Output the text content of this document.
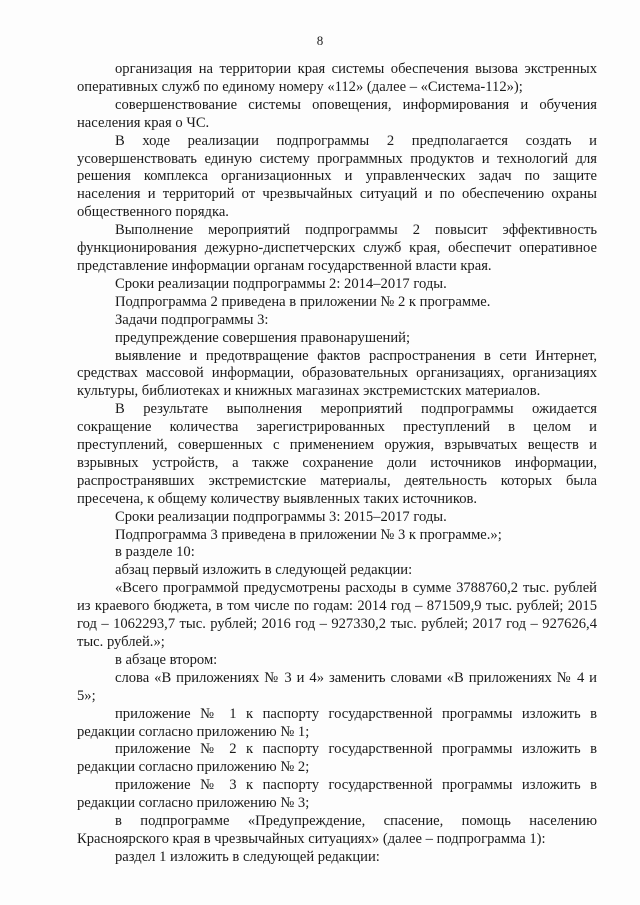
8

организация на территории края системы обеспечения вызова экстренных оперативных служб по единому номеру «112» (далее – «Система-112»);

совершенствование системы оповещения, информирования и обучения населения края о ЧС.

В ходе реализации подпрограммы 2 предполагается создать и усовершенствовать единую систему программных продуктов и технологий для решения комплекса организационных и управленческих задач по защите населения и территорий от чрезвычайных ситуаций и по обеспечению охраны общественного порядка.

Выполнение мероприятий подпрограммы 2 повысит эффективность функционирования дежурно-диспетчерских служб края, обеспечит оперативное представление информации органам государственной власти края.

Сроки реализации подпрограммы 2: 2014–2017 годы.

Подпрограмма 2 приведена в приложении № 2 к программе.

Задачи подпрограммы 3:

предупреждение совершения правонарушений;

выявление и предотвращение фактов распространения в сети Интернет, средствах массовой информации, образовательных организациях, организациях культуры, библиотеках и книжных магазинах экстремистских материалов.

В результате выполнения мероприятий подпрограммы ожидается сокращение количества зарегистрированных преступлений в целом и преступлений, совершенных с применением оружия, взрывчатых веществ и взрывных устройств, а также сохранение доли источников информации, распространявших экстремистские материалы, деятельность которых была пресечена, к общему количеству выявленных таких источников.

Сроки реализации подпрограммы 3: 2015–2017 годы.

Подпрограмма 3 приведена в приложении № 3 к программе.»;

в разделе 10:

абзац первый изложить в следующей редакции:

«Всего программой предусмотрены расходы в сумме 3788760,2 тыс. рублей из краевого бюджета, в том числе по годам: 2014 год – 871509,9 тыс. рублей; 2015 год – 1062293,7 тыс. рублей; 2016 год – 927330,2 тыс. рублей; 2017 год – 927626,4 тыс. рублей.»;

в абзаце втором:

слова «В приложениях № 3 и 4» заменить словами «В приложениях № 4 и 5»;

приложение № 1 к паспорту государственной программы изложить в редакции согласно приложению № 1;

приложение № 2 к паспорту государственной программы изложить в редакции согласно приложению № 2;

приложение № 3 к паспорту государственной программы изложить в редакции согласно приложению № 3;

в подпрограмме «Предупреждение, спасение, помощь населению Красноярского края в чрезвычайных ситуациях» (далее – подпрограмма 1):

раздел 1 изложить в следующей редакции:
